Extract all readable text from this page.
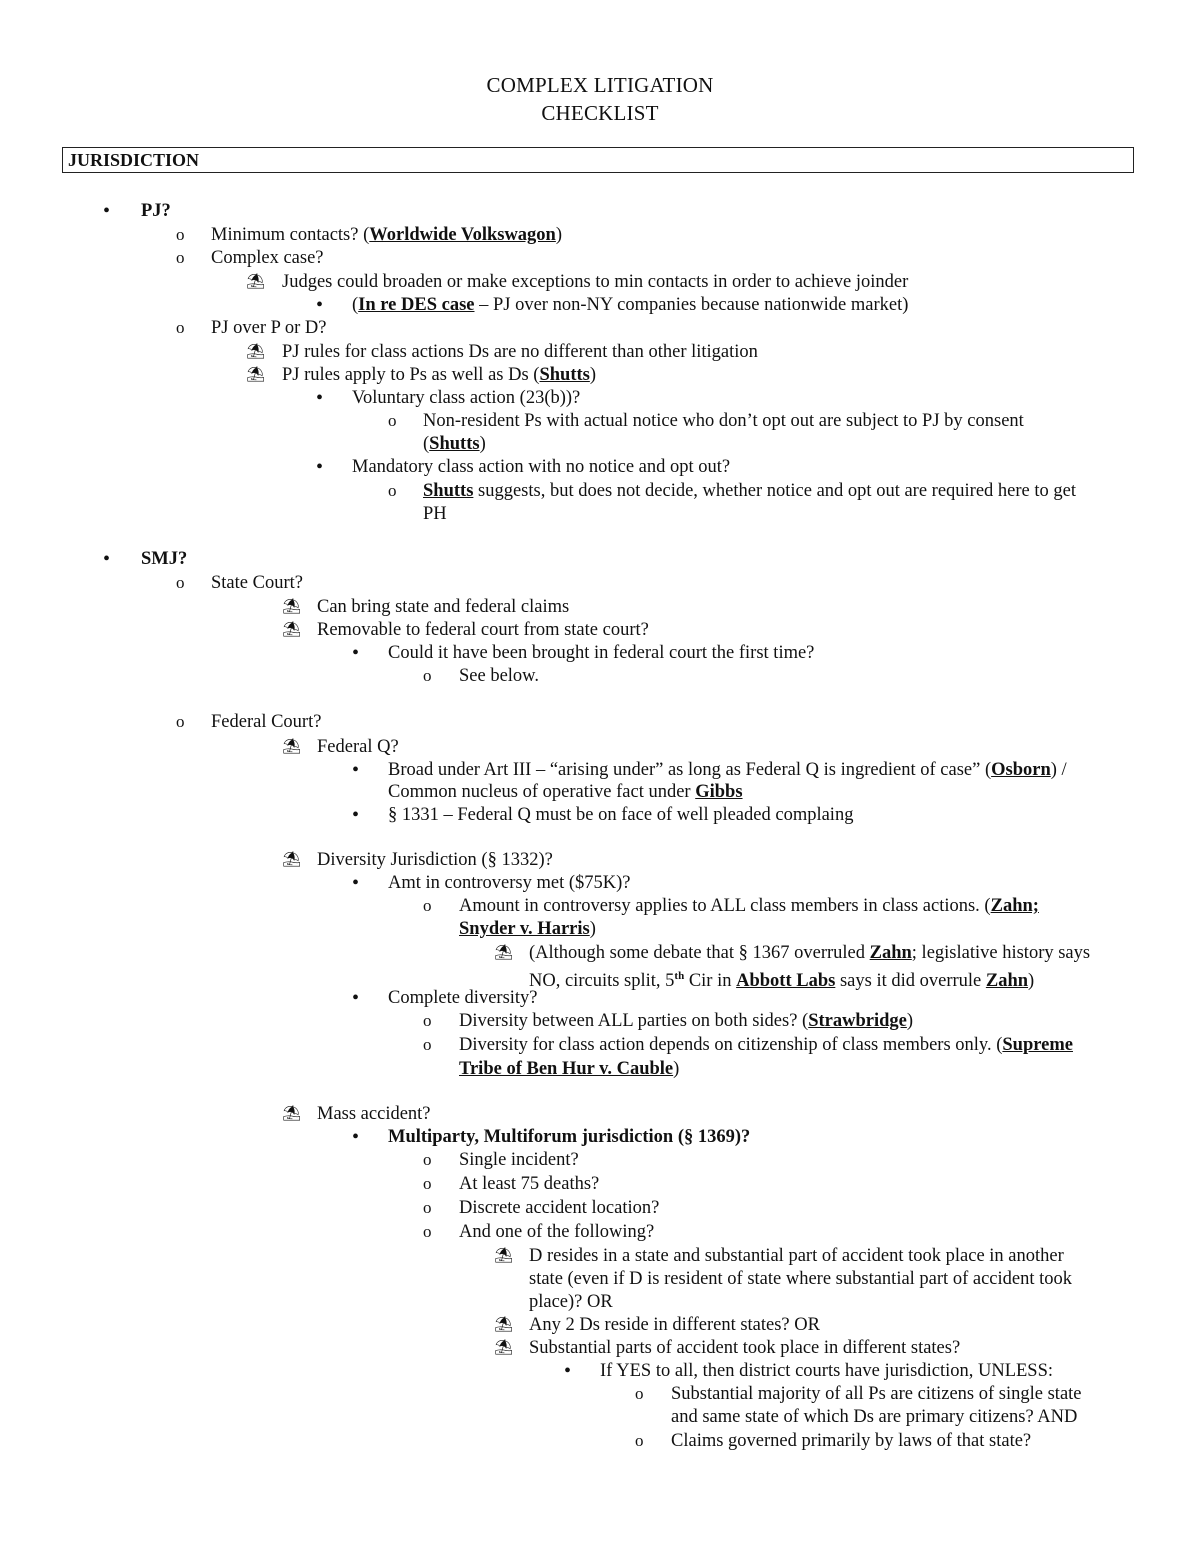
COMPLEX LITIGATION
CHECKLIST
JURISDICTION
• PJ?
o Minimum contacts? (Worldwide Volkswagon)
o Complex case?
⛱ Judges could broaden or make exceptions to min contacts in order to achieve joinder
• (In re DES case – PJ over non-NY companies because nationwide market)
o PJ over P or D?
⛱ PJ rules for class actions Ds are no different than other litigation
⛱ PJ rules apply to Ps as well as Ds (Shutts)
• Voluntary class action (23(b))?
o Non-resident Ps with actual notice who don’t opt out are subject to PJ by consent
(Shutts)
• Mandatory class action with no notice and opt out?
o Shutts suggests, but does not decide, whether notice and opt out are required here to get
PH
• SMJ?
o State Court?
⛱ Can bring state and federal claims
⛱ Removable to federal court from state court?
• Could it have been brought in federal court the first time?
o See below.
o Federal Court?
⛱ Federal Q?
• Broad under Art III – “arising under” as long as Federal Q is ingredient of case” (Osborn) /
Common nucleus of operative fact under Gibbs
• § 1331 – Federal Q must be on face of well pleaded complaing
⛱ Diversity Jurisdiction (§ 1332)?
• Amt in controversy met ($75K)?
o Amount in controversy applies to ALL class members in class actions. (Zahn;
Snyder v. Harris)
⛱ (Although some debate that § 1367 overruled Zahn; legislative history says
NO, circuits split, 5th Cir in Abbott Labs says it did overrule Zahn)
• Complete diversity?
o Diversity between ALL parties on both sides? (Strawbridge)
o Diversity for class action depends on citizenship of class members only. (Supreme
Tribe of Ben Hur v. Cauble)
⛱ Mass accident?
• Multiparty, Multiforum jurisdiction (§ 1369)?
o Single incident?
o At least 75 deaths?
o Discrete accident location?
o And one of the following?
⛱ D resides in a state and substantial part of accident took place in another
state (even if D is resident of state where substantial part of accident took
place)? OR
⛱ Any 2 Ds reside in different states? OR
⛱ Substantial parts of accident took place in different states?
• If YES to all, then district courts have jurisdiction, UNLESS:
o Substantial majority of all Ps are citizens of single state
and same state of which Ds are primary citizens? AND
o Claims governed primarily by laws of that state?
